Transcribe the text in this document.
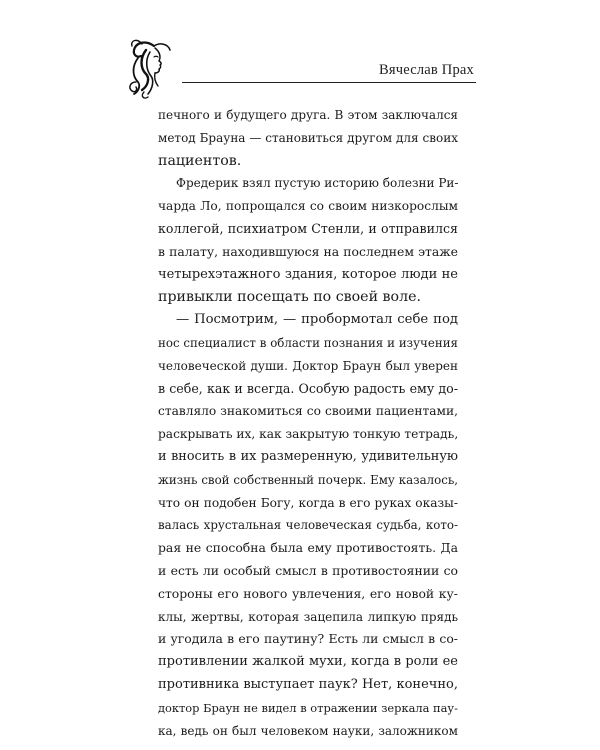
Вячеслав Прах
печного и будущего друга. В этом заключался
метод Брауна — становиться другом для своих
пациентов.
Фредерик взял пустую историю болезни Ри-
чарда Ло, попрощался со своим низкорослым
коллегой, психиатром Стенли, и отправился
в палату, находившуюся на последнем этаже
четырехэтажного здания, которое люди не
привыкли посещать по своей воле.
— Посмотрим, — пробормотал себе под
нос специалист в области познания и изучения
человеческой души. Доктор Браун был уверен
в себе, как и всегда. Особую радость ему до-
ставляло знакомиться со своими пациентами,
раскрывать их, как закрытую тонкую тетрадь,
и вносить в их размеренную, удивительную
жизнь свой собственный почерк. Ему казалось,
что он подобен Богу, когда в его руках оказы-
валась хрустальная человеческая судьба, кото-
рая не способна была ему противостоять. Да
и есть ли особый смысл в противостоянии со
стороны его нового увлечения, его новой ку-
клы, жертвы, которая зацепила липкую прядь
и угодила в его паутину? Есть ли смысл в со-
противлении жалкой мухи, когда в роли ее
противника выступает паук? Нет, конечно,
доктор Браун не видел в отражении зеркала пау-
ка, ведь он был человеком науки, заложником
